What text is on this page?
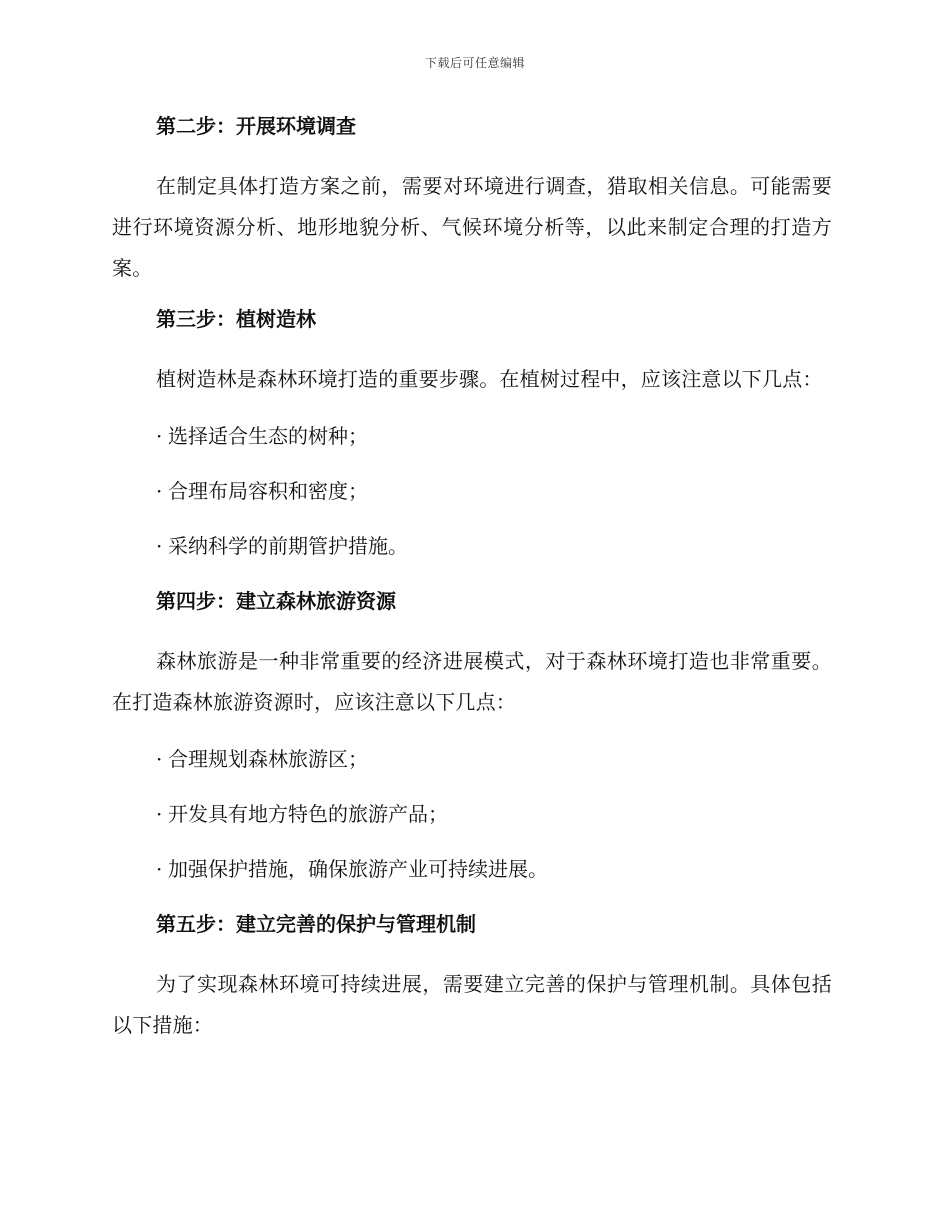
下载后可任意编辑
第二步：开展环境调查
在制定具体打造方案之前，需要对环境进行调查，猎取相关信息。可能需要进行环境资源分析、地形地貌分析、气候环境分析等，以此来制定合理的打造方案。
第三步：植树造林
植树造林是森林环境打造的重要步骤。在植树过程中，应该注意以下几点：
· 选择适合生态的树种；
· 合理布局容积和密度；
· 采纳科学的前期管护措施。
第四步：建立森林旅游资源
森林旅游是一种非常重要的经济进展模式，对于森林环境打造也非常重要。在打造森林旅游资源时，应该注意以下几点：
· 合理规划森林旅游区；
· 开发具有地方特色的旅游产品；
· 加强保护措施，确保旅游产业可持续进展。
第五步：建立完善的保护与管理机制
为了实现森林环境可持续进展，需要建立完善的保护与管理机制。具体包括以下措施：
